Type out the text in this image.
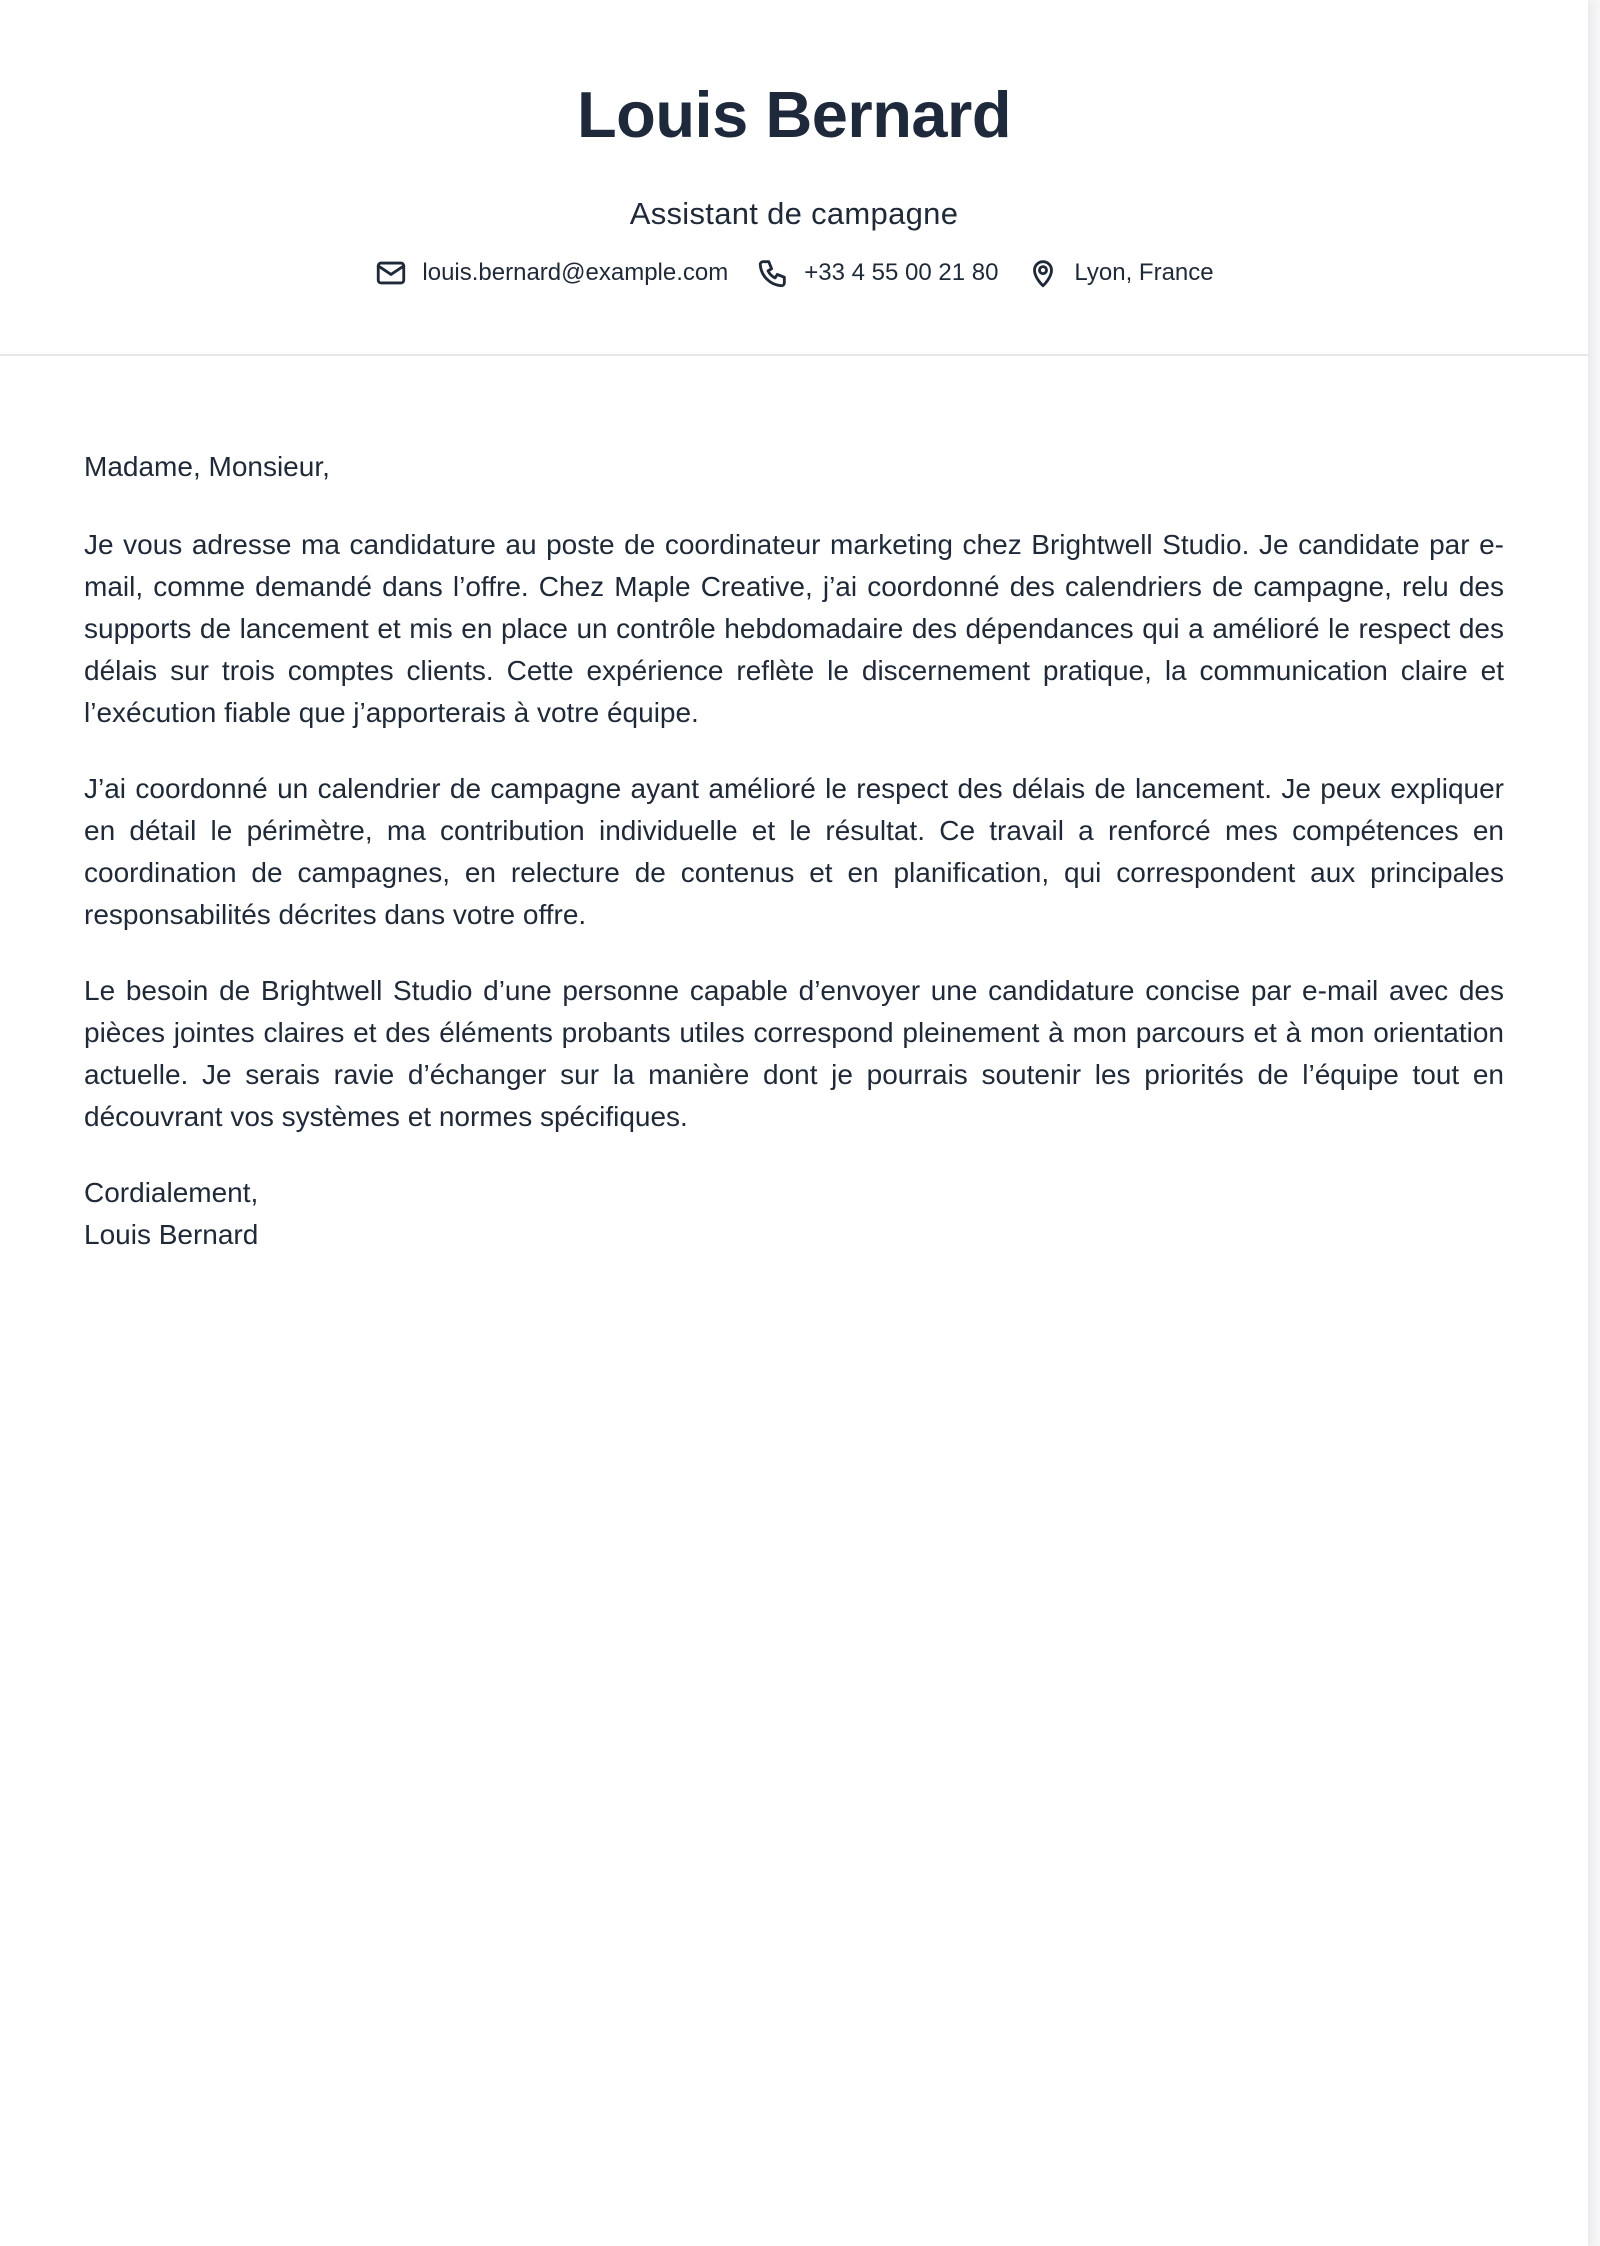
Louis Bernard
Assistant de campagne
louis.bernard@example.com	+33 4 55 00 21 80	Lyon, France

Madame, Monsieur,

Je vous adresse ma candidature au poste de coordinateur marketing chez Brightwell Studio. Je candidate par e-mail, comme demandé dans l’offre. Chez Maple Creative, j’ai coordonné des calendriers de campagne, relu des supports de lancement et mis en place un contrôle hebdomadaire des dépendances qui a amélioré le respect des délais sur trois comptes clients. Cette expérience reflète le discernement pratique, la communication claire et l’exécution fiable que j’apporterais à votre équipe.

J’ai coordonné un calendrier de campagne ayant amélioré le respect des délais de lancement. Je peux expliquer en détail le périmètre, ma contribution individuelle et le résultat. Ce travail a renforcé mes compétences en coordination de campagnes, en relecture de contenus et en planification, qui correspondent aux principales responsabilités décrites dans votre offre.

Le besoin de Brightwell Studio d’une personne capable d’envoyer une candidature concise par e-mail avec des pièces jointes claires et des éléments probants utiles correspond pleinement à mon parcours et à mon orientation actuelle. Je serais ravie d’échanger sur la manière dont je pourrais soutenir les priorités de l’équipe tout en découvrant vos systèmes et normes spécifiques.

Cordialement,
Louis Bernard
